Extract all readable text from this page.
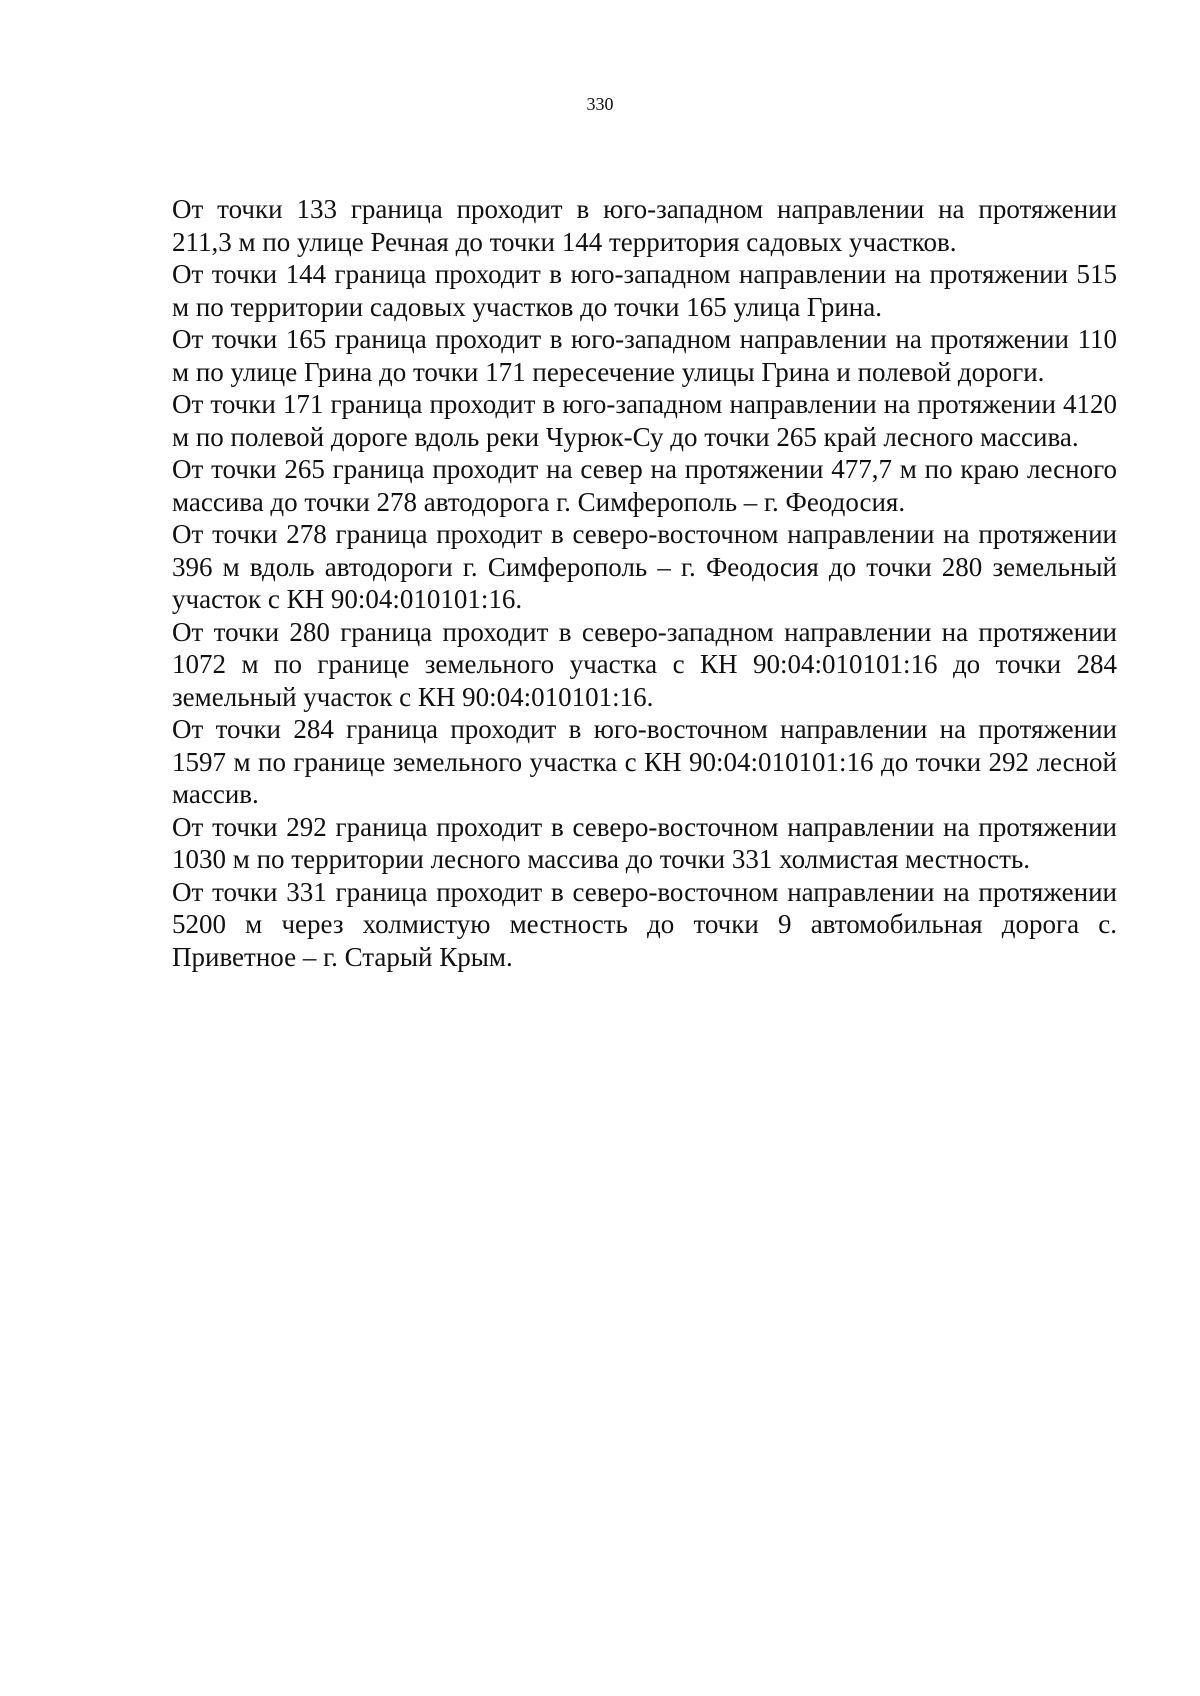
330

От точки 133 граница проходит в юго-западном направлении на протяжении 211,3 м по улице Речная до точки 144 территория садовых участков.

От точки 144 граница проходит в юго-западном направлении на протяжении 515 м по территории садовых участков до точки 165 улица Грина.

От точки 165 граница проходит в юго-западном направлении на протяжении 110 м по улице Грина до точки 171 пересечение улицы Грина и полевой дороги.

От точки 171 граница проходит в юго-западном направлении на протяжении 4120 м по полевой дороге вдоль реки Чурюк-Су до точки 265 край лесного массива.

От точки 265 граница проходит на север на протяжении 477,7 м по краю лесного массива до точки 278 автодорога г. Симферополь – г. Феодосия.

От точки 278 граница проходит в северо-восточном направлении на протяжении 396 м вдоль автодороги г. Симферополь – г. Феодосия до точки 280 земельный участок с КН 90:04:010101:16.

От точки 280 граница проходит в северо-западном направлении на протяжении 1072 м по границе земельного участка с КН 90:04:010101:16 до точки 284 земельный участок с КН 90:04:010101:16.

От точки 284 граница проходит в юго-восточном направлении на протяжении 1597 м по границе земельного участка с КН 90:04:010101:16 до точки 292 лесной массив.

От точки 292 граница проходит в северо-восточном направлении на протяжении 1030 м по территории лесного массива до точки 331 холмистая местность.

От точки 331 граница проходит в северо-восточном направлении на протяжении 5200 м через холмистую местность до точки 9 автомобильная дорога с. Приветное – г. Старый Крым.
